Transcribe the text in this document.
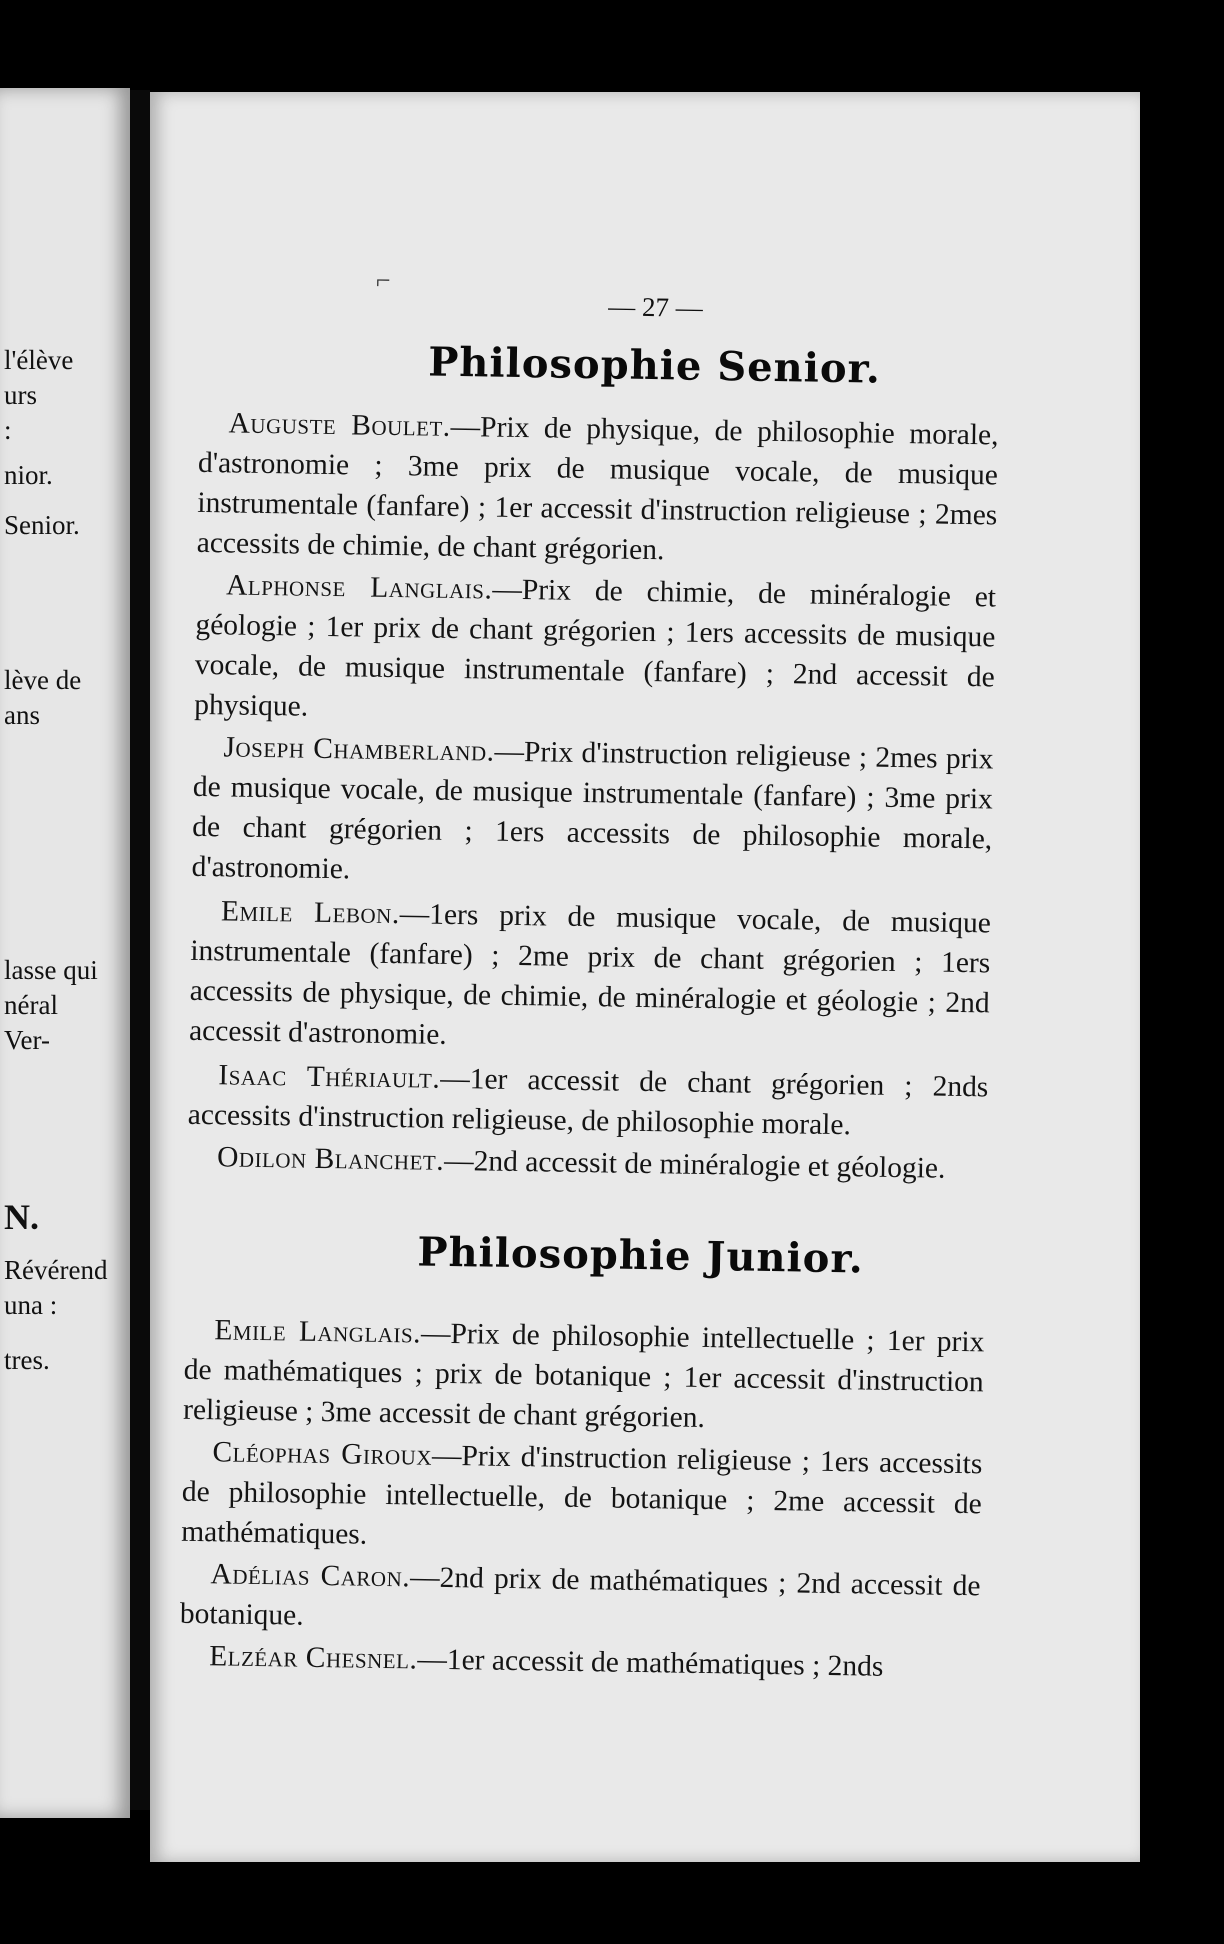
l'élève
urs
:
nior.
Senior.
lève de
ans
lasse qui
néral
Ver-
N.
Révérend
una :
tres.
⌐
— 27 —
Philosophie Senior.

Auguste Boulet.—Prix de physique, de philosophie morale, d'astronomie ; 3me prix de musique vocale, de musique instrumentale (fanfare) ; 1er accessit d'instruction religieuse ; 2mes accessits de chimie, de chant grégorien.

Alphonse Langlais.—Prix de chimie, de minéralogie et géologie ; 1er prix de chant grégorien ; 1ers accessits de musique vocale, de musique instrumentale (fanfare) ; 2nd accessit de physique.

Joseph Chamberland.—Prix d'instruction religieuse ; 2mes prix de musique vocale, de musique instrumentale (fanfare) ; 3me prix de chant grégorien ; 1ers accessits de philosophie morale, d'astronomie.

Emile Lebon.—1ers prix de musique vocale, de musique instrumentale (fanfare) ; 2me prix de chant grégorien ; 1ers accessits de physique, de chimie, de minéralogie et géologie ; 2nd accessit d'astronomie.

Isaac Thériault.—1er accessit de chant grégorien ; 2nds accessits d'instruction religieuse, de philosophie morale.

Odilon Blanchet.—2nd accessit de minéralogie et géologie.

Philosophie Junior.

Emile Langlais.—Prix de philosophie intellectuelle ; 1er prix de mathématiques ; prix de botanique ; 1er accessit d'instruction religieuse ; 3me accessit de chant grégorien.

Cléophas Giroux—Prix d'instruction religieuse ; 1ers accessits de philosophie intellectuelle, de botanique ; 2me accessit de mathématiques.

Adélias Caron.—2nd prix de mathématiques ; 2nd accessit de botanique.

Elzéar Chesnel.—1er accessit de mathématiques ; 2nds
